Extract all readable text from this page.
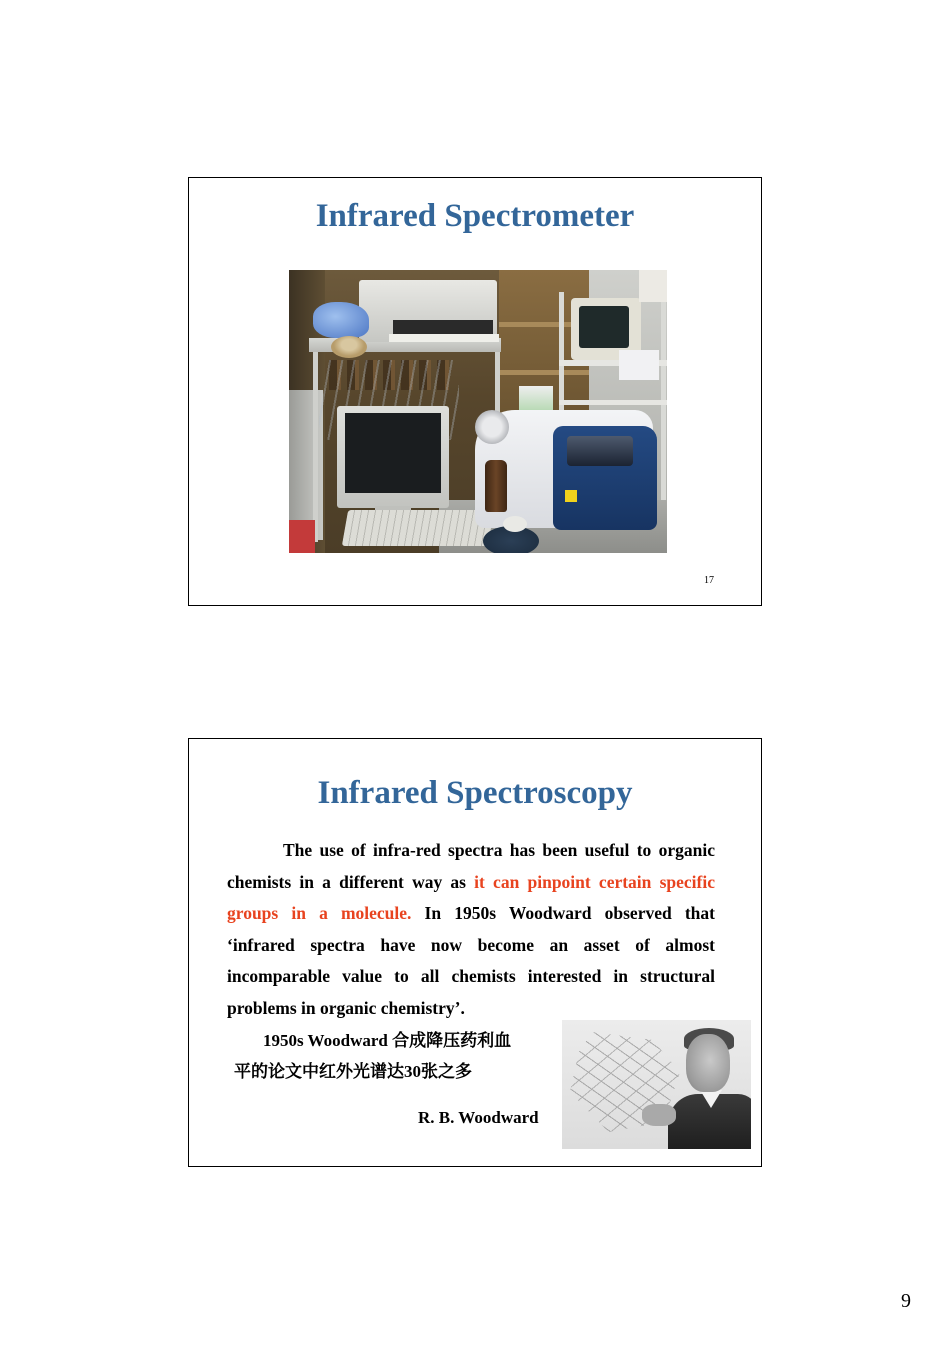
Infrared Spectrometer
17
Infrared Spectroscopy

The use of infra-red spectra has been useful to organic chemists in a different way as it can pinpoint certain specific groups in a molecule. In 1950s Woodward observed that ‘infrared spectra have now become an asset of almost incomparable value to all chemists interested in structural problems in organic chemistry’.

1950s Woodward 合成降压药利血
平的论文中红外光谱达30张之多
R. B. Woodward
9
